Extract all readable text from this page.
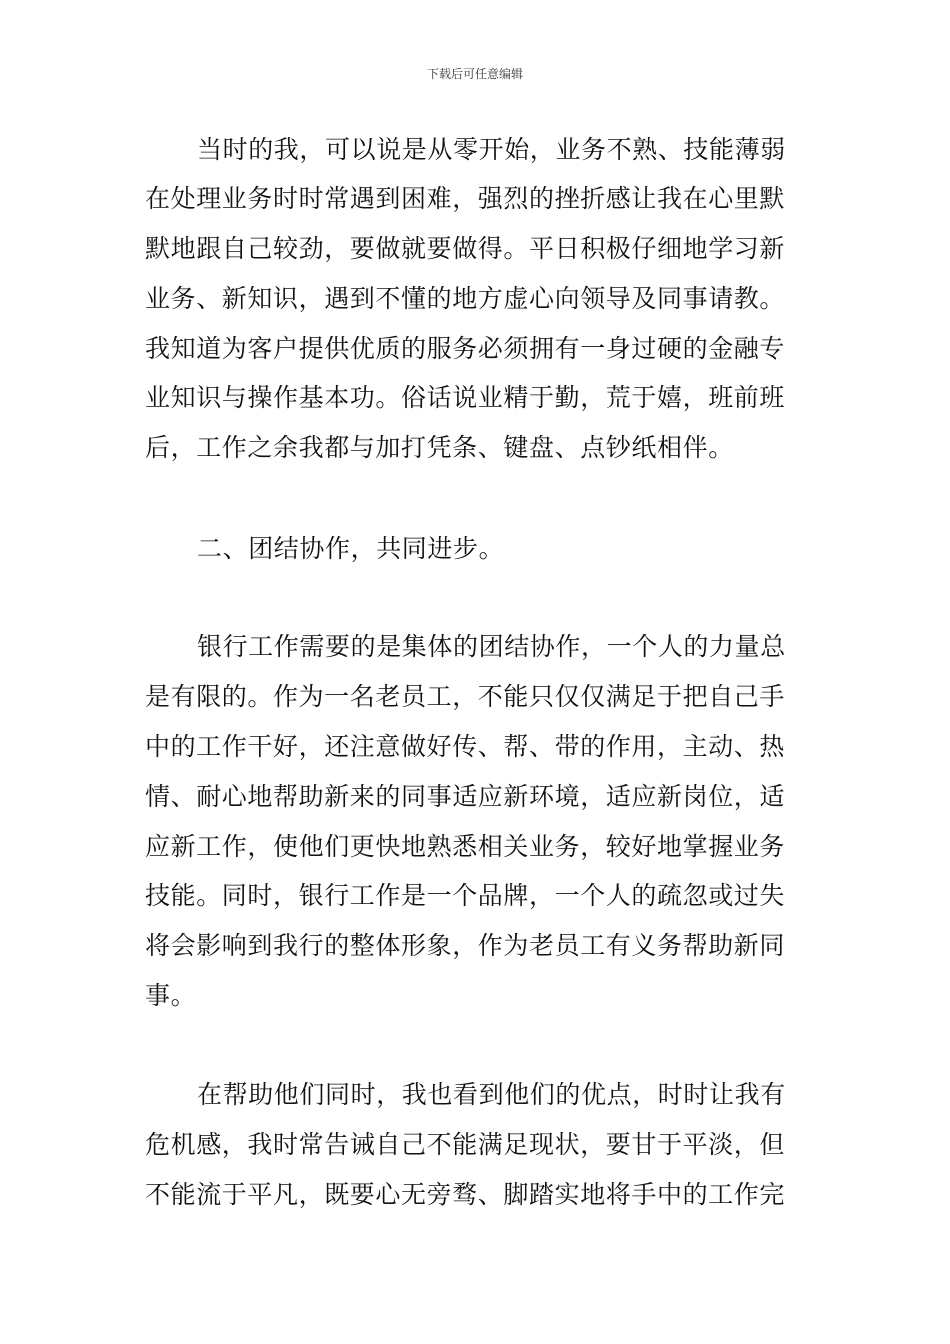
下载后可任意编辑
当时的我，可以说是从零开始，业务不熟、技能薄弱
在处理业务时时常遇到困难，强烈的挫折感让我在心里默
默地跟自己较劲，要做就要做得。平日积极仔细地学习新
业务、新知识，遇到不懂的地方虚心向领导及同事请教。
我知道为客户提供优质的服务必须拥有一身过硬的金融专
业知识与操作基本功。俗话说业精于勤，荒于嬉，班前班
后，工作之余我都与加打凭条、键盘、点钞纸相伴。
二、团结协作，共同进步。
银行工作需要的是集体的团结协作，一个人的力量总
是有限的。作为一名老员工，不能只仅仅满足于把自己手
中的工作干好，还注意做好传、帮、带的作用，主动、热
情、耐心地帮助新来的同事适应新环境，适应新岗位，适
应新工作，使他们更快地熟悉相关业务，较好地掌握业务
技能。同时，银行工作是一个品牌，一个人的疏忽或过失
将会影响到我行的整体形象，作为老员工有义务帮助新同
事。
在帮助他们同时，我也看到他们的优点，时时让我有
危机感，我时常告诫自己不能满足现状，要甘于平淡，但
不能流于平凡，既要心无旁骛、脚踏实地将手中的工作完
